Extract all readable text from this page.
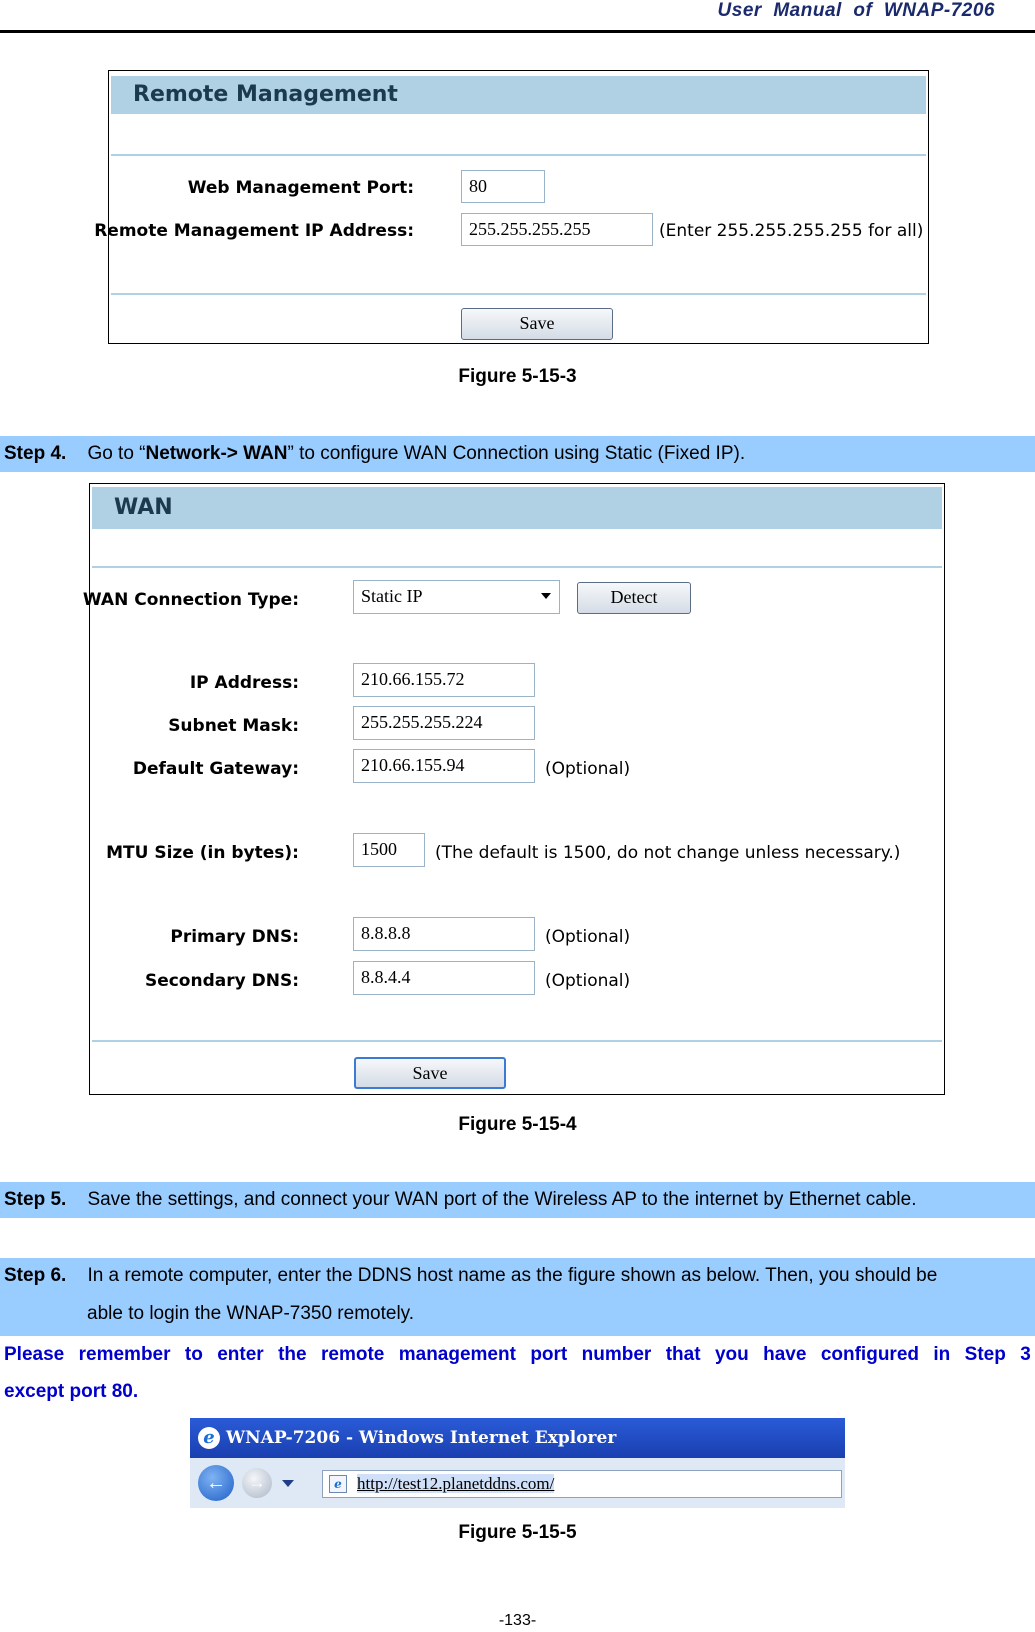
User  Manual  of  WNAP-7206
Remote Management
Web Management Port:	80
Remote Management IP Address:	255.255.255.255	(Enter 255.255.255.255 for all)
Save
Figure 5-15-3
Step 4. Go to “Network-> WAN” to configure WAN Connection using Static (Fixed IP).
WAN
WAN Connection Type:	Static IP	Detect
IP Address:	210.66.155.72
Subnet Mask:	255.255.255.224
Default Gateway:	210.66.155.94	(Optional)
MTU Size (in bytes):	1500	(The default is 1500, do not change unless necessary.)
Primary DNS:	8.8.8.8	(Optional)
Secondary DNS:	8.8.4.4	(Optional)
Save
Figure 5-15-4
Step 5. Save the settings, and connect your WAN port of the Wireless AP to the internet by Ethernet cable.
Step 6. In a remote computer, enter the DDNS host name as the figure shown as below. Then, you should be
able to login the WNAP-7350 remotely.
Please remember to enter the remote management port number that you have configured in Step 3
except port 80.
e WNAP-7206 - Windows Internet Explorer
←	→	e http://test12.planetddns.com/
Figure 5-15-5
-133-
